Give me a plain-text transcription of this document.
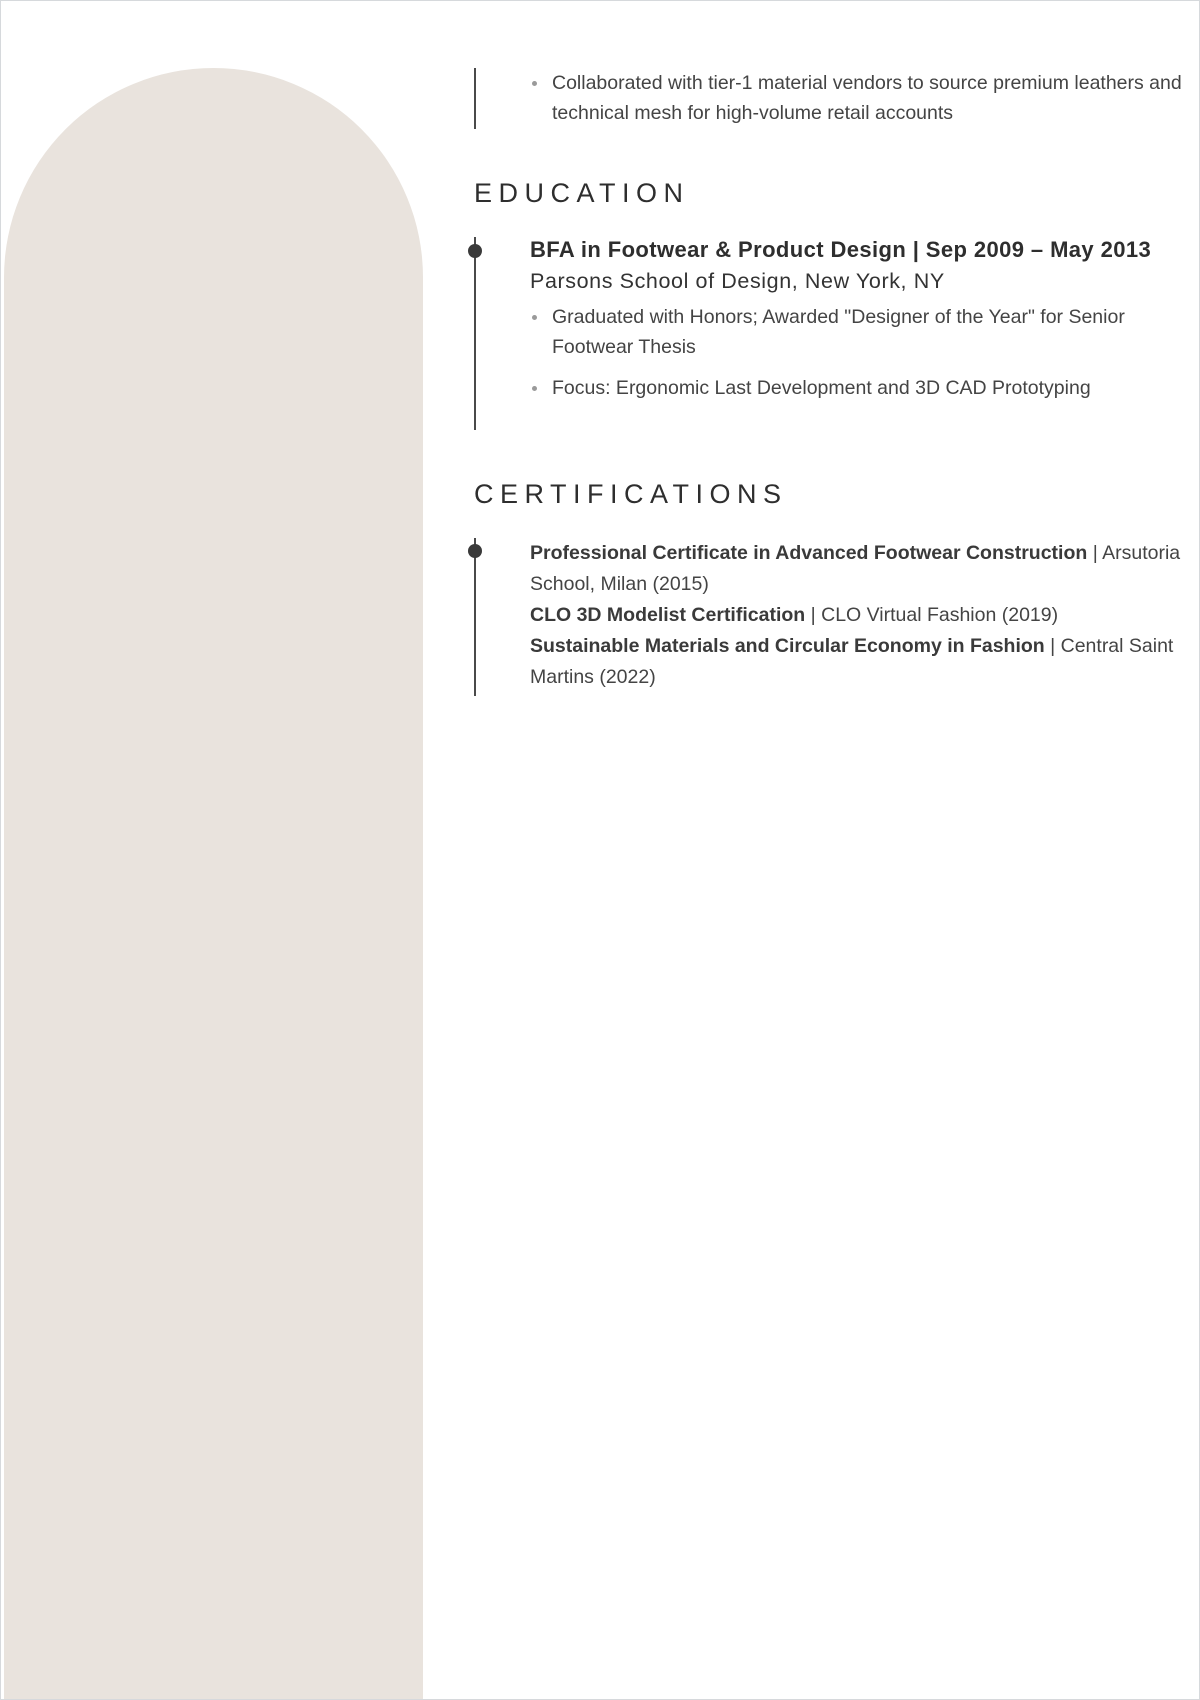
Collaborated with tier-1 material vendors to source premium leathers and technical mesh for high-volume retail accounts
EDUCATION
BFA in Footwear & Product Design | Sep 2009 – May 2013
Parsons School of Design, New York, NY
Graduated with Honors; Awarded "Designer of the Year" for Senior Footwear Thesis
Focus: Ergonomic Last Development and 3D CAD Prototyping
CERTIFICATIONS
Professional Certificate in Advanced Footwear Construction | Arsutoria School, Milan (2015)
CLO 3D Modelist Certification | CLO Virtual Fashion (2019)
Sustainable Materials and Circular Economy in Fashion | Central Saint Martins (2022)
